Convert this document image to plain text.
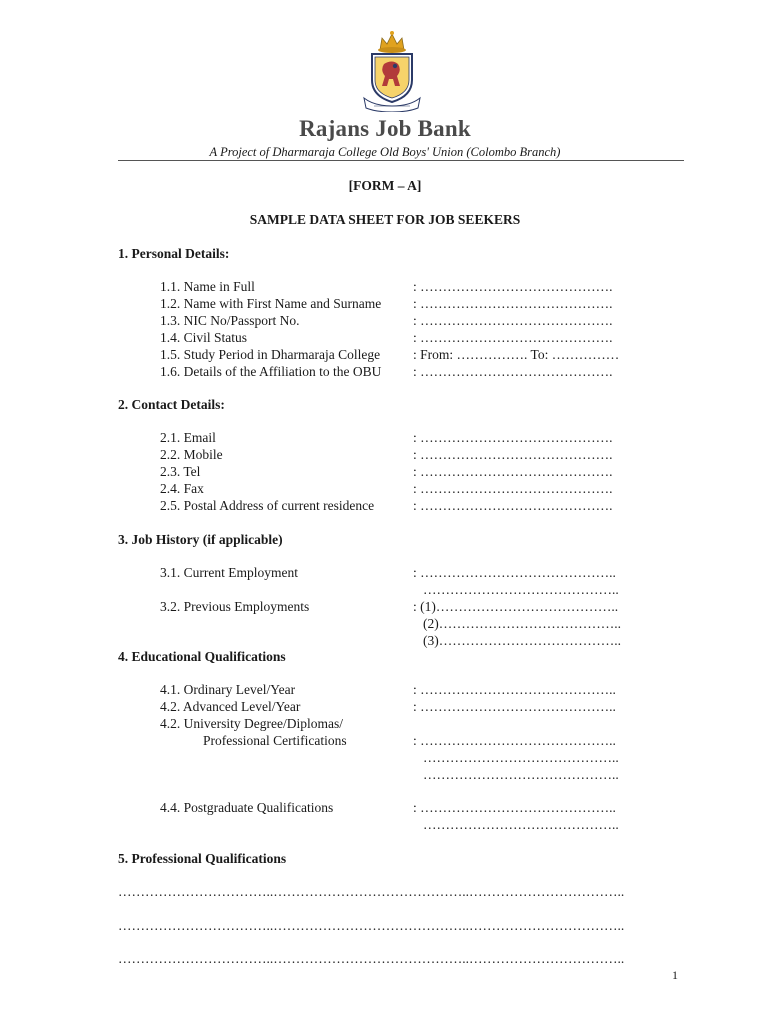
Rajans Job Bank
A Project of Dharmaraja College Old Boys' Union (Colombo Branch)
[FORM – A]
SAMPLE DATA SHEET FOR JOB SEEKERS
1. Personal Details:
1.1. Name in Full	: …………………………………….
1.2. Name with First Name and Surname : …………………………………….
1.3. NIC No/Passport No.	: …………………………………….
1.4. Civil Status	: …………………………………….
1.5. Study Period in Dharmaraja College : From: ……………. To: ……………
1.6. Details of the Affiliation to the OBU : …………………………………….
2. Contact Details:
2.1. Email	: …………………………………….
2.2. Mobile	: …………………………………….
2.3. Tel	: …………………………………….
2.4. Fax	: …………………………………….
2.5. Postal Address of current residence	: …………………………………….
3. Job History (if applicable)
3.1. Current Employment	: ……………………………………..
……………………………………..
3.2. Previous Employments	: (1)…………………………………..
(2)…………………………………..
(3)…………………………………..
4. Educational Qualifications
4.1. Ordinary Level/Year	: ……………………………………..
4.2. Advanced Level/Year	: ……………………………………..
4.2. University Degree/Diplomas/
Professional Certifications	: ……………………………………..
……………………………………..
……………………………………..
4.4. Postgraduate Qualifications	: ……………………………………..
……………………………………..
5. Professional Qualifications
……………………………..……………………………………..……………………………..
……………………………..……………………………………..……………………………..
……………………………..……………………………………..……………………………..
1
